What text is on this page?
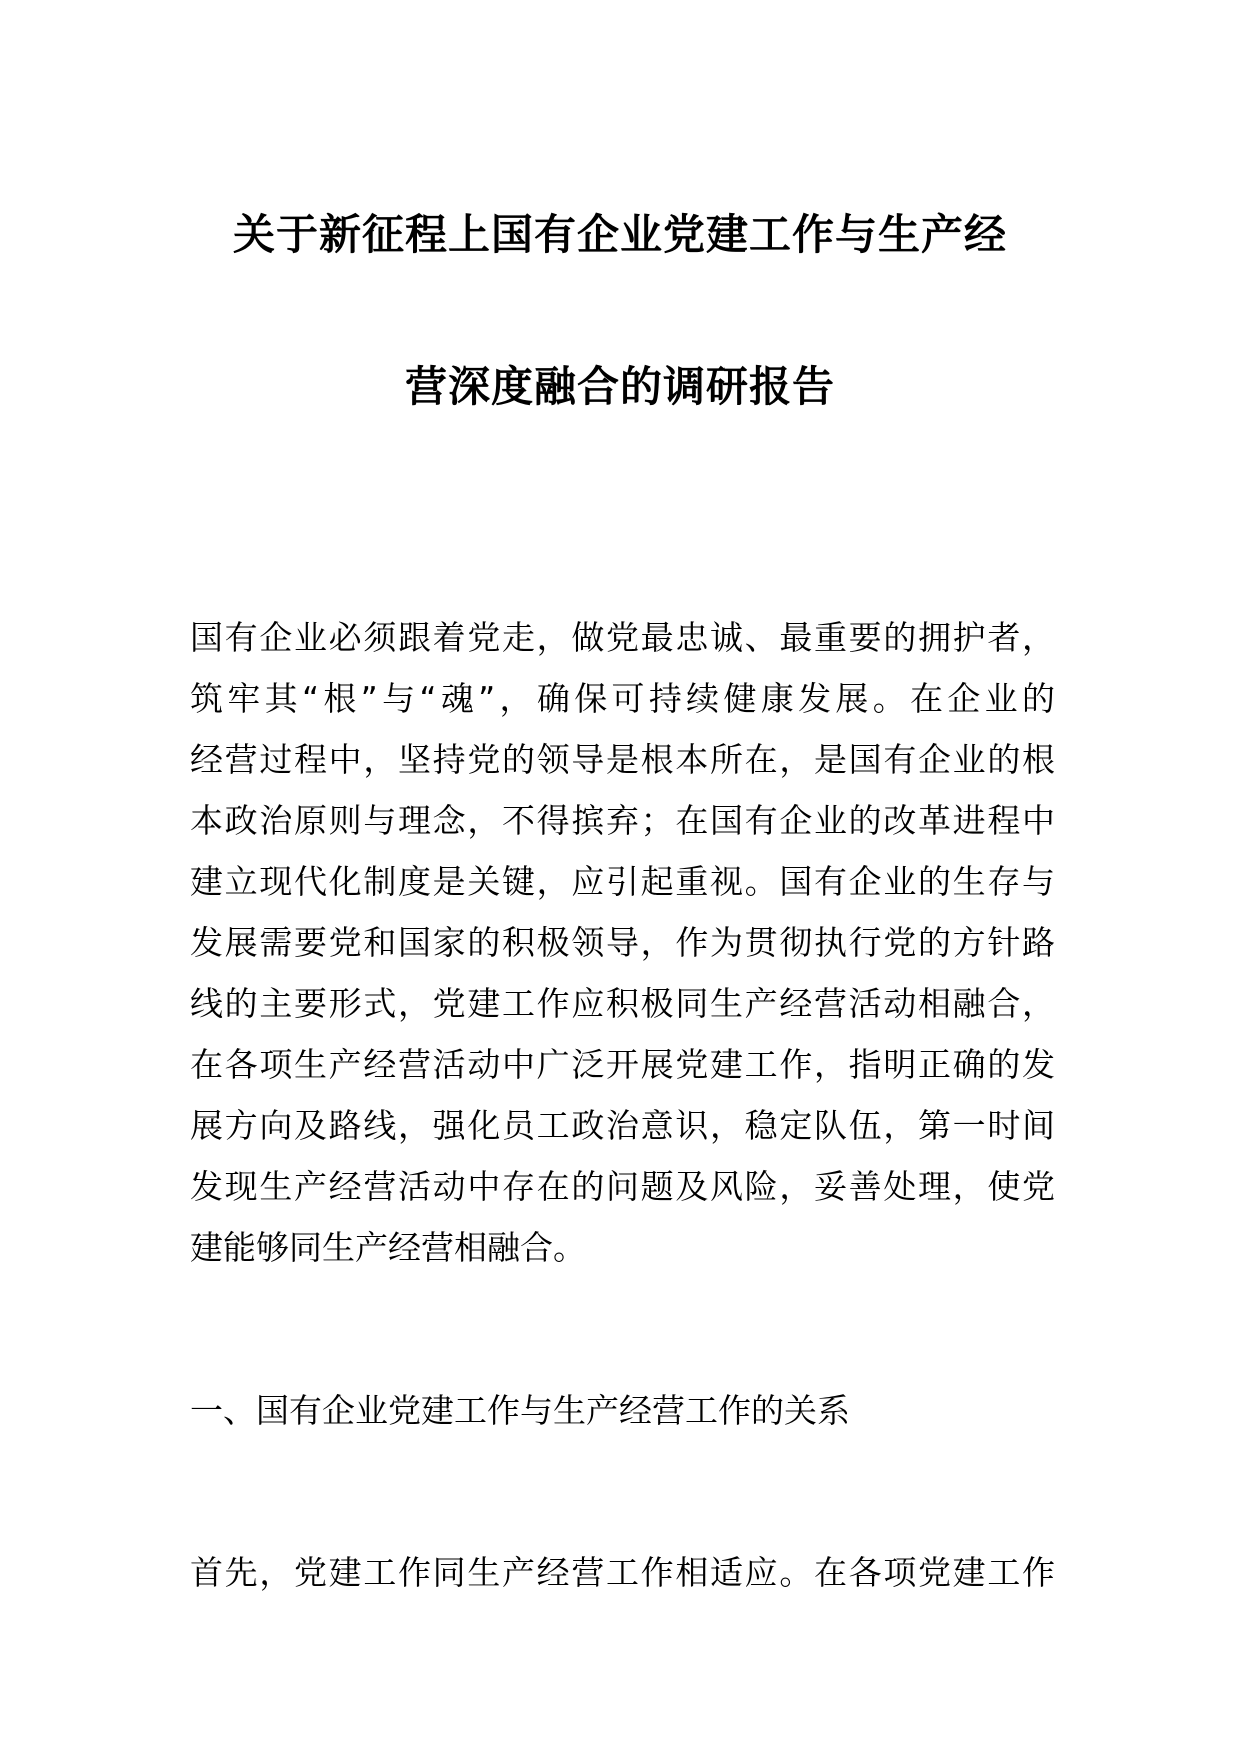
关于新征程上国有企业党建工作与生产经
营深度融合的调研报告
国有企业必须跟着党走，做党最忠诚、最重要的拥护者，
筑牢其“根”与“魂”，确保可持续健康发展。在企业的
经营过程中，坚持党的领导是根本所在，是国有企业的根
本政治原则与理念，不得摈弃；在国有企业的改革进程中
建立现代化制度是关键，应引起重视。国有企业的生存与
发展需要党和国家的积极领导，作为贯彻执行党的方针路
线的主要形式，党建工作应积极同生产经营活动相融合，
在各项生产经营活动中广泛开展党建工作，指明正确的发
展方向及路线，强化员工政治意识，稳定队伍，第一时间
发现生产经营活动中存在的问题及风险，妥善处理，使党
建能够同生产经营相融合。
一、国有企业党建工作与生产经营工作的关系
首先，党建工作同生产经营工作相适应。在各项党建工作
